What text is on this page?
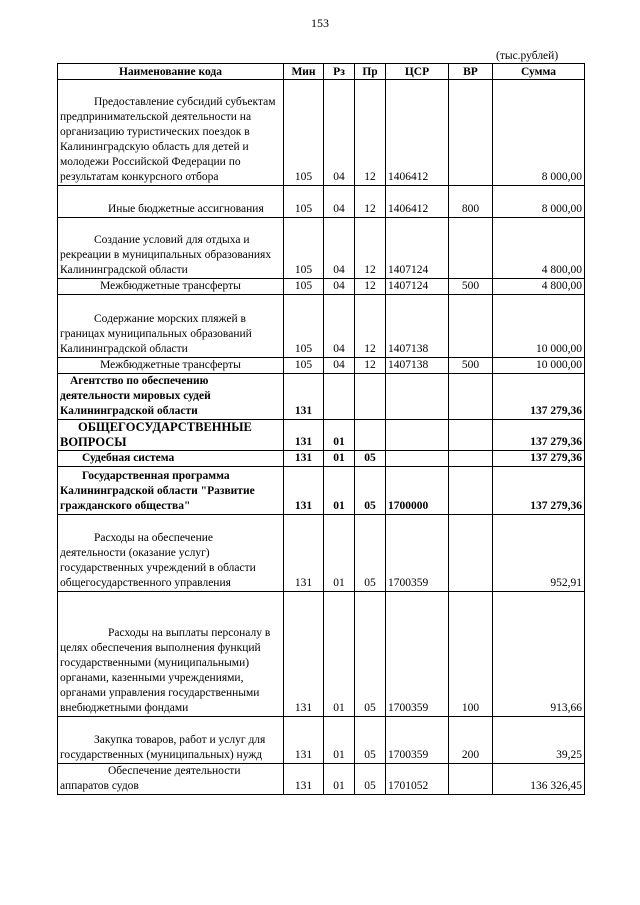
153
(тыс.рублей)
Наименование кода	Мин	Рз	Пр	ЦСР	ВР	Сумма
Предоставление субсидий субъектам предпринимательской деятельности на организацию туристических поездок в Калининградскую область для детей и молодежи Российской Федерации по результатам конкурсного отбора	105	04	12	1406412		8 000,00
Иные бюджетные ассигнования	105	04	12	1406412	800	8 000,00
Создание условий для отдыха и рекреации в муниципальных образованиях Калининградской области	105	04	12	1407124		4 800,00
Межбюджетные трансферты	105	04	12	1407124	500	4 800,00
Содержание морских пляжей в границах муниципальных образований Калининградской области	105	04	12	1407138		10 000,00
Межбюджетные трансферты	105	04	12	1407138	500	10 000,00
Агентство по обеспечению деятельности мировых судей Калининградской области	131					137 279,36
ОБЩЕГОСУДАРСТВЕННЫЕ ВОПРОСЫ	131	01				137 279,36
Судебная система	131	01	05			137 279,36
Государственная программа Калининградской области "Развитие гражданского общества"	131	01	05	1700000		137 279,36
Расходы на обеспечение деятельности (оказание услуг) государственных учреждений в области общегосударственного управления	131	01	05	1700359		952,91
Расходы на выплаты персоналу в целях обеспечения выполнения функций государственными (муниципальными) органами, казенными учреждениями, органами управления государственными внебюджетными фондами	131	01	05	1700359	100	913,66
Закупка товаров, работ и услуг для государственных (муниципальных) нужд	131	01	05	1700359	200	39,25
Обеспечение деятельности аппаратов судов	131	01	05	1701052		136 326,45
